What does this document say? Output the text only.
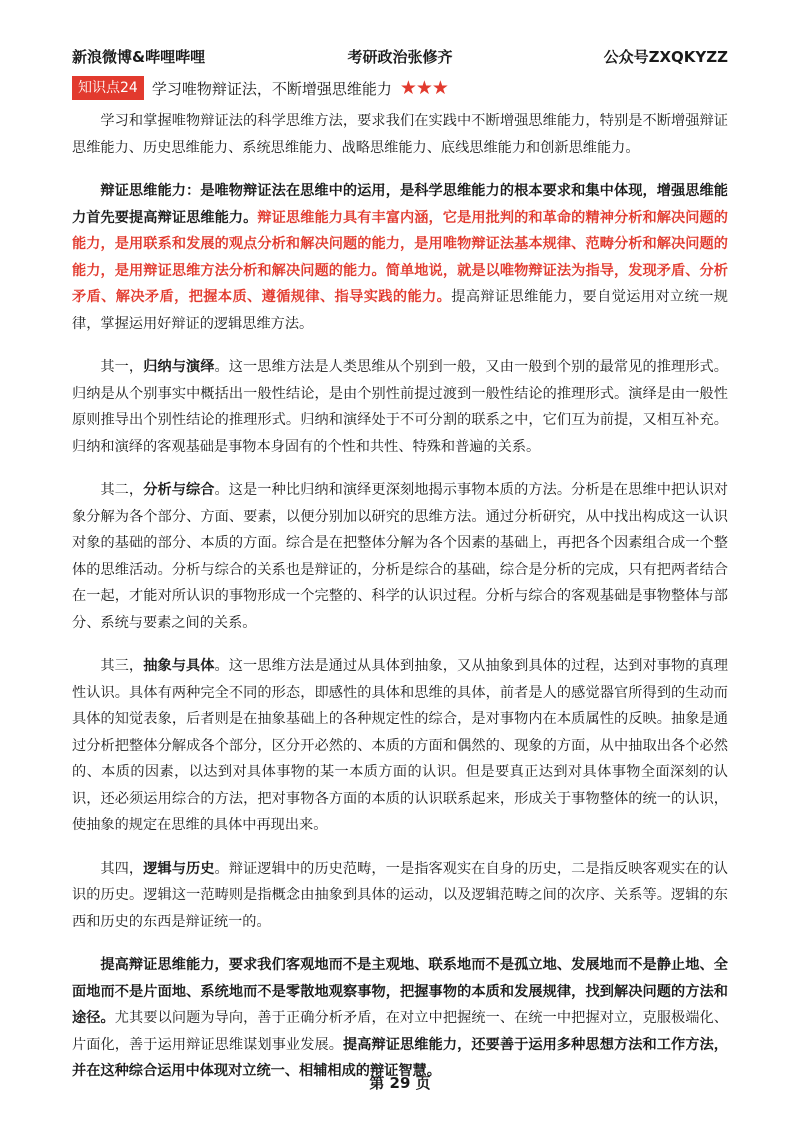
新浪微博&哔哩哔哩	考研政治张修齐	公众号ZXQKYZZ
知识点24 学习唯物辩证法，不断增强思维能力 ★★★

学习和掌握唯物辩证法的科学思维方法，要求我们在实践中不断增强思维能力，特别是不断增强辩证思维能力、历史思维能力、系统思维能力、战略思维能力、底线思维能力和创新思维能力。

辩证思维能力：是唯物辩证法在思维中的运用，是科学思维能力的根本要求和集中体现，增强思维能力首先要提高辩证思维能力。辩证思维能力具有丰富内涵，它是用批判的和革命的精神分析和解决问题的能力，是用联系和发展的观点分析和解决问题的能力，是用唯物辩证法基本规律、范畴分析和解决问题的能力，是用辩证思维方法分析和解决问题的能力。简单地说，就是以唯物辩证法为指导，发现矛盾、分析矛盾、解决矛盾，把握本质、遵循规律、指导实践的能力。提高辩证思维能力，要自觉运用对立统一规律，掌握运用好辩证的逻辑思维方法。

其一，归纳与演绎。这一思维方法是人类思维从个别到一般，又由一般到个别的最常见的推理形式。归纳是从个别事实中概括出一般性结论，是由个别性前提过渡到一般性结论的推理形式。演绎是由一般性原则推导出个别性结论的推理形式。归纳和演绎处于不可分割的联系之中，它们互为前提，又相互补充。归纳和演绎的客观基础是事物本身固有的个性和共性、特殊和普遍的关系。

其二，分析与综合。这是一种比归纳和演绎更深刻地揭示事物本质的方法。分析是在思维中把认识对象分解为各个部分、方面、要素，以便分别加以研究的思维方法。通过分析研究，从中找出构成这一认识对象的基础的部分、本质的方面。综合是在把整体分解为各个因素的基础上，再把各个因素组合成一个整体的思维活动。分析与综合的关系也是辩证的，分析是综合的基础，综合是分析的完成，只有把两者结合在一起，才能对所认识的事物形成一个完整的、科学的认识过程。分析与综合的客观基础是事物整体与部分、系统与要素之间的关系。

其三，抽象与具体。这一思维方法是通过从具体到抽象，又从抽象到具体的过程，达到对事物的真理性认识。具体有两种完全不同的形态，即感性的具体和思维的具体，前者是人的感觉器官所得到的生动而具体的知觉表象，后者则是在抽象基础上的各种规定性的综合，是对事物内在本质属性的反映。抽象是通过分析把整体分解成各个部分，区分开必然的、本质的方面和偶然的、现象的方面，从中抽取出各个必然的、本质的因素，以达到对具体事物的某一本质方面的认识。但是要真正达到对具体事物全面深刻的认识，还必须运用综合的方法，把对事物各方面的本质的认识联系起来，形成关于事物整体的统一的认识，使抽象的规定在思维的具体中再现出来。

其四，逻辑与历史。辩证逻辑中的历史范畴，一是指客观实在自身的历史，二是指反映客观实在的认识的历史。逻辑这一范畴则是指概念由抽象到具体的运动，以及逻辑范畴之间的次序、关系等。逻辑的东西和历史的东西是辩证统一的。

提高辩证思维能力，要求我们客观地而不是主观地、联系地而不是孤立地、发展地而不是静止地、全面地而不是片面地、系统地而不是零散地观察事物，把握事物的本质和发展规律，找到解决问题的方法和途径。尤其要以问题为导向，善于正确分析矛盾，在对立中把握统一、在统一中把握对立，克服极端化、片面化，善于运用辩证思维谋划事业发展。提高辩证思维能力，还要善于运用多种思想方法和工作方法，并在这种综合运用中体现对立统一、相辅相成的辩证智慧。

第 29 页
